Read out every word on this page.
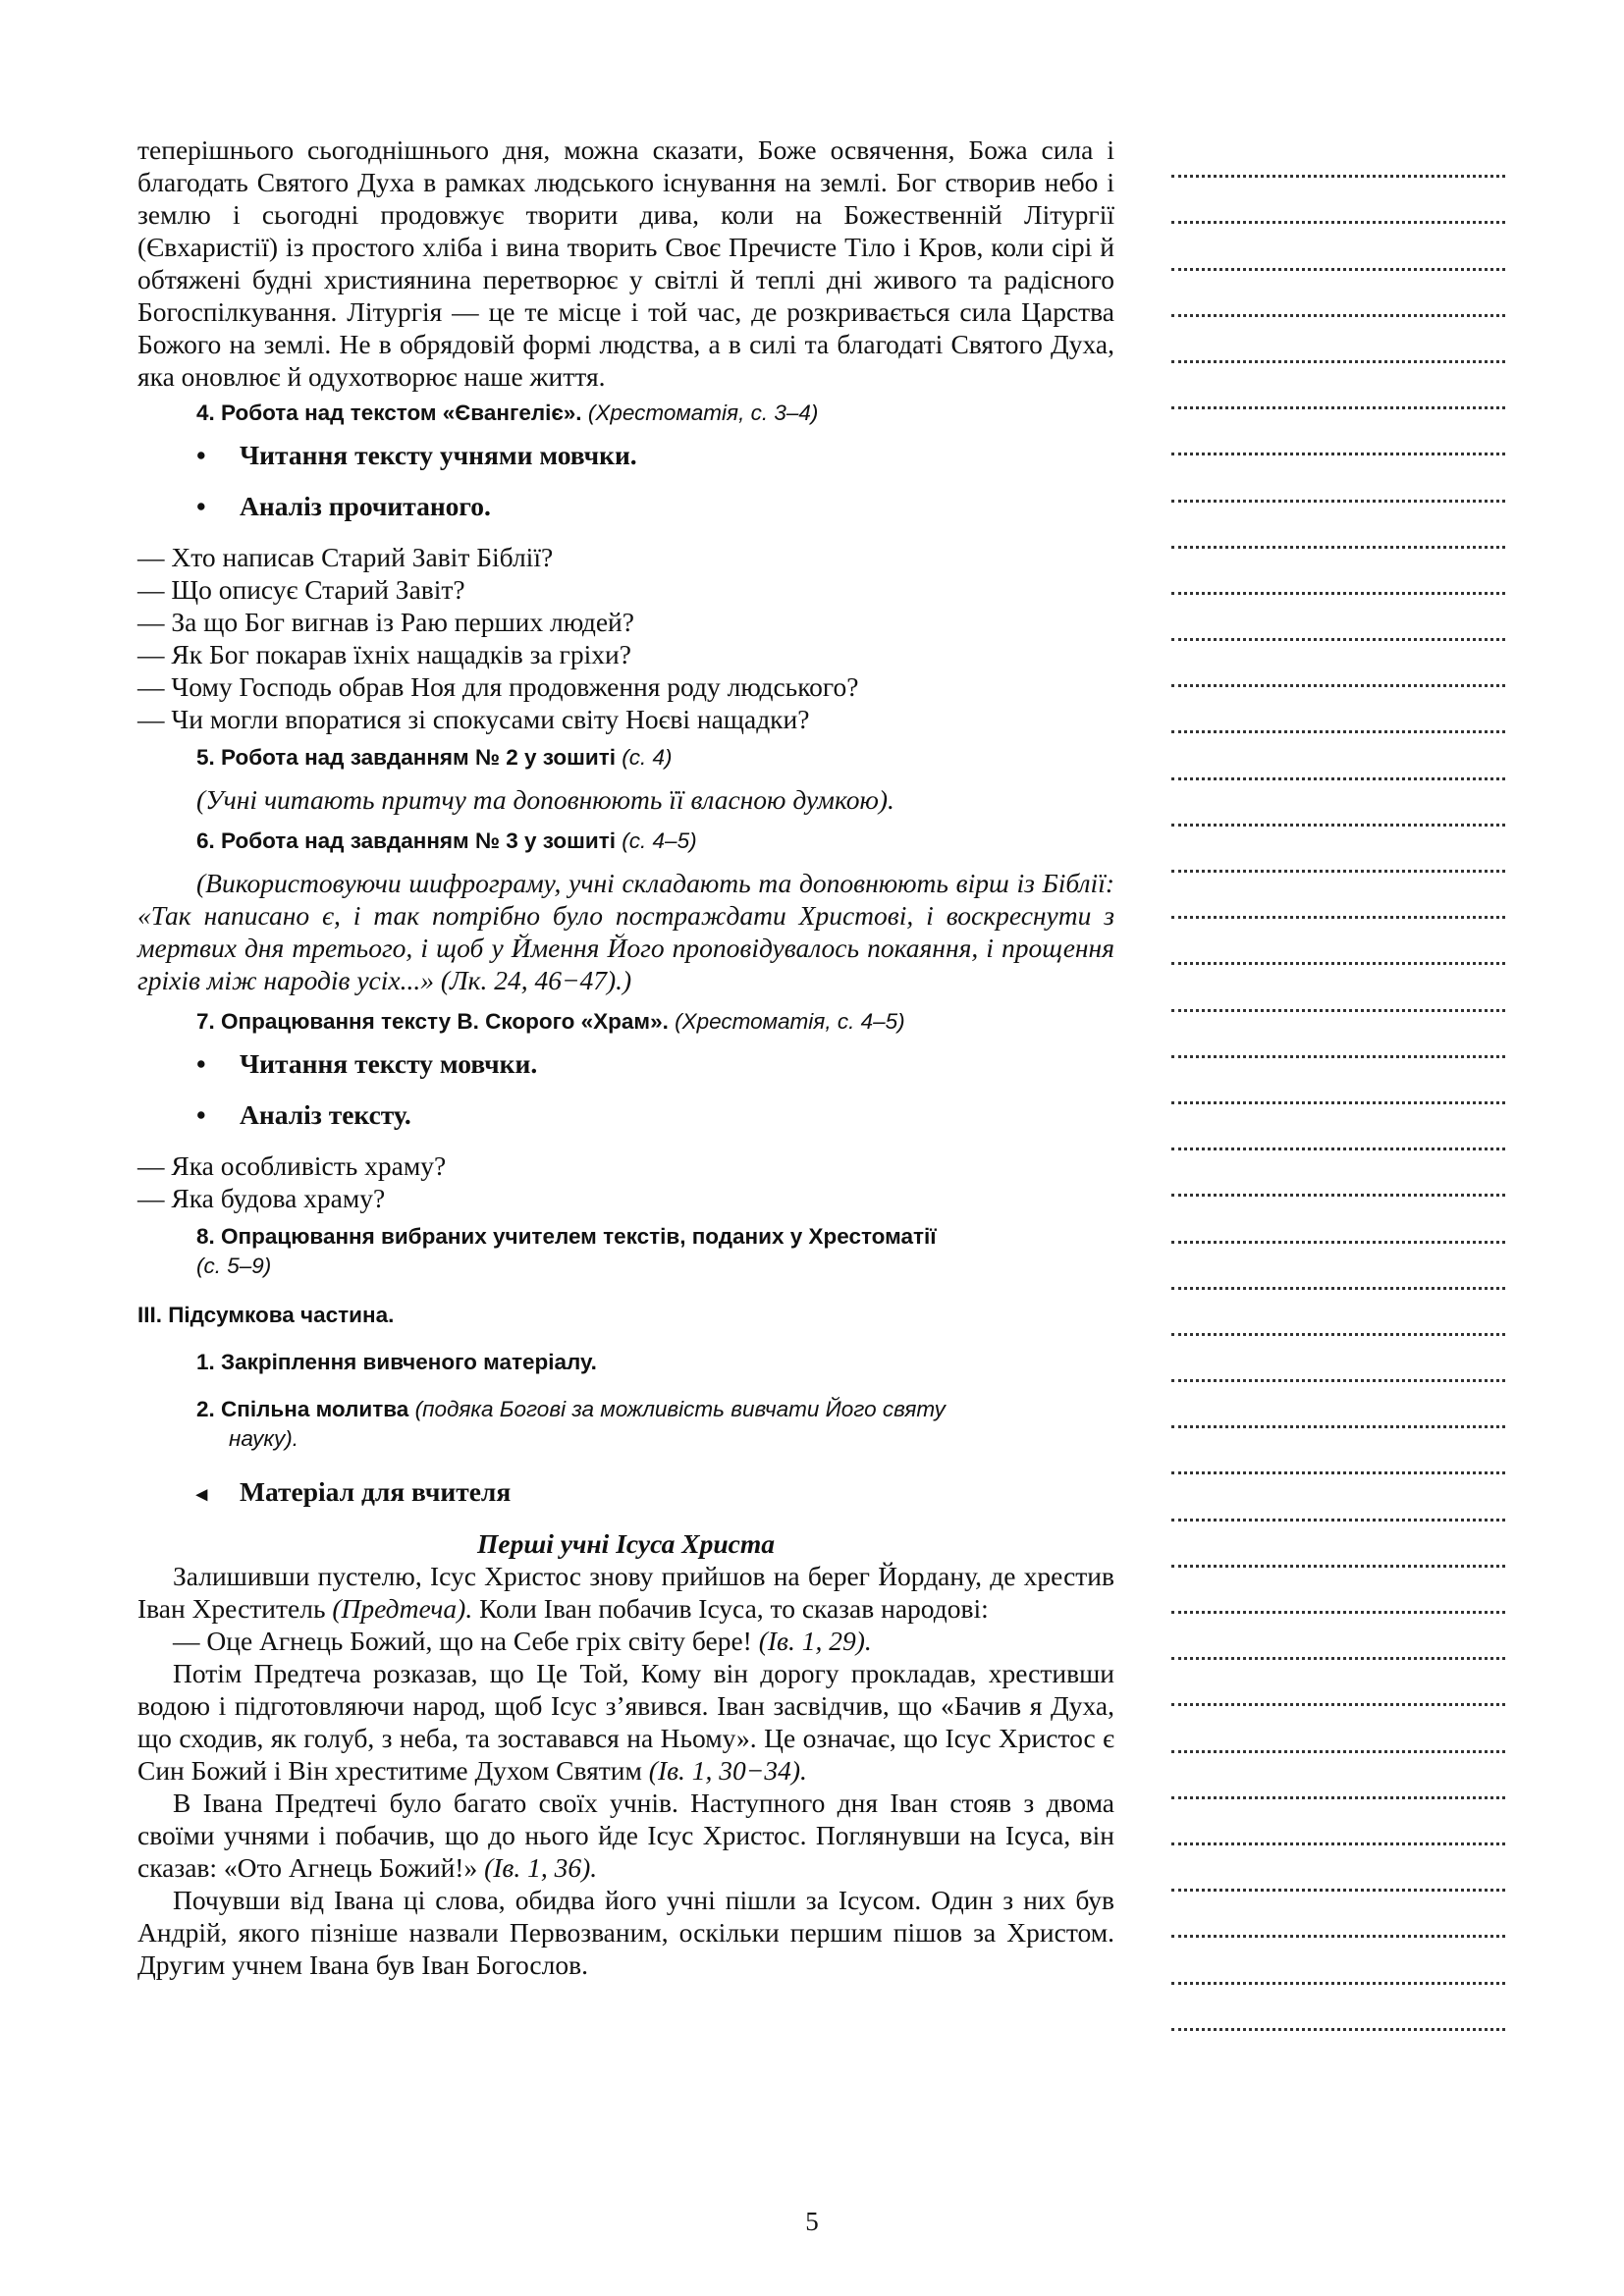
теперішнього сьогоднішнього дня, можна сказати, Боже освячення, Божа сила і благодать Святого Духа в рамках людського існування на землі. Бог створив небо і землю і сьогодні продовжує творити дива, коли на Божественній Літургії (Євхаристії) із простого хліба і вина творить Своє Пречисте Тіло і Кров, коли сірі й обтяжені будні християнина перетворює у світлі й теплі дні живого та радісного Богоспілкування. Літургія — це те місце і той час, де розкривається сила Царства Божого на землі. Не в обрядовій формі людства, а в силі та благодаті Святого Духа, яка оновлює й одухотворює наше життя.

4. Робота над текстом «Євангеліє». (Хрестоматія, с. 3–4)

• Читання тексту учнями мовчки.

• Аналіз прочитаного.

— Хто написав Старий Завіт Біблії?

— Що описує Старий Завіт?

— За що Бог вигнав із Раю перших людей?

— Як Бог покарав їхніх нащадків за гріхи?

— Чому Господь обрав Ноя для продовження роду людського?

— Чи могли впоратися зі спокусами світу Ноєві нащадки?

5. Робота над завданням № 2 у зошиті (с. 4)

(Учні читають притчу та доповнюють її власною думкою).

6. Робота над завданням № 3 у зошиті (с. 4–5)

(Використовуючи шифрограму, учні складають та доповнюють вірш із Біблії: «Так написано є, і так потрібно було постраждати Христові, і воскреснути з мертвих дня третього, і щоб у Ймення Його проповідувалось покаяння, і прощення гріхів між народів усіх...» (Лк. 24, 46−47).)

7. Опрацювання тексту В. Скорого «Храм». (Хрестоматія, с. 4–5)

• Читання тексту мовчки.

• Аналіз тексту.

— Яка особливість храму?

— Яка будова храму?

8. Опрацювання вибраних учителем текстів, поданих у Хрестоматії
(с. 5–9)

ІІІ. Підсумкова частина.

1. Закріплення вивченого матеріалу.

2. Спільна молитва (подяка Богові за можливість вивчати Його святу
науку).

◂ Матеріал для вчителя

Перші учні Ісуса Христа

Залишивши пустелю, Ісус Христос знову прийшов на берег Йордану, де хрестив Іван Хреститель (Предтеча). Коли Іван побачив Ісуса, то сказав народові:

— Оце Агнець Божий, що на Себе гріх світу бере! (Ів. 1, 29).

Потім Предтеча розказав, що Це Той, Кому він дорогу прокладав, хрестивши водою і підготовляючи народ, щоб Ісус з’явився. Іван засвідчив, що «Бачив я Духа, що сходив, як голуб, з неба, та зоставався на Ньому». Це означає, що Ісус Христос є Син Божий і Він хреститиме Духом Святим (Ів. 1, 30−34).

В Івана Предтечі було багато своїх учнів. Наступного дня Іван стояв з двома своїми учнями і побачив, що до нього йде Ісус Христос. Поглянувши на Ісуса, він сказав: «Ото Агнець Божий!» (Ів. 1, 36).

Почувши від Івана ці слова, обидва його учні пішли за Ісусом. Один з них був Андрій, якого пізніше назвали Первозваним, оскільки першим пішов за Христом. Другим учнем Івана був Іван Богослов.

5
